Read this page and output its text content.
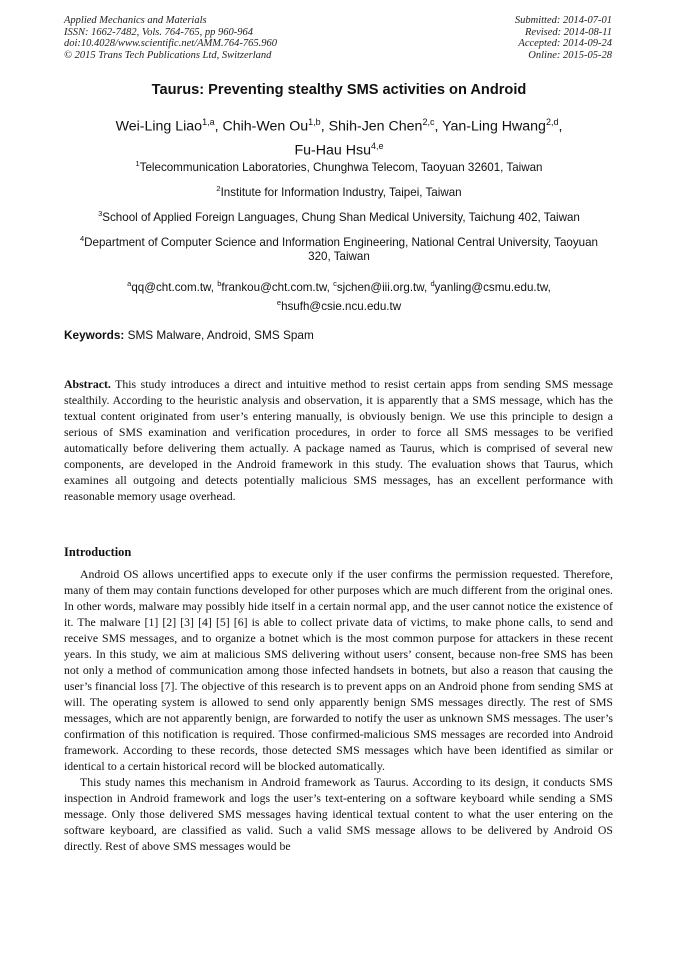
Applied Mechanics and Materials
ISSN: 1662-7482, Vols. 764-765, pp 960-964
doi:10.4028/www.scientific.net/AMM.764-765.960
© 2015 Trans Tech Publications Ltd, Switzerland
Submitted: 2014-07-01
Revised: 2014-08-11
Accepted: 2014-09-24
Online: 2015-05-28
Taurus: Preventing stealthy SMS activities on Android
Wei-Ling Liao$^{1,a}$, Chih-Wen Ou$^{1,b}$, Shih-Jen Chen$^{2,c}$, Yan-Ling Hwang$^{2,d}$,
Fu-Hau Hsu$^{4,e}$
$^1$Telecommunication Laboratories, Chunghwa Telecom, Taoyuan 32601, Taiwan
$^2$Institute for Information Industry, Taipei, Taiwan
$^3$School of Applied Foreign Languages, Chung Shan Medical University, Taichung 402, Taiwan
$^4$Department of Computer Science and Information Engineering, National Central University, Taoyuan 320, Taiwan
$^a$qq@cht.com.tw, $^b$frankou@cht.com.tw, $^c$sjchen@iii.org.tw, $^d$yanling@csmu.edu.tw,
$^e$hsufh@csie.ncu.edu.tw
Keywords: SMS Malware, Android, SMS Spam
Abstract. This study introduces a direct and intuitive method to resist certain apps from sending SMS message stealthily. According to the heuristic analysis and observation, it is apparently that a SMS message, which has the textual content originated from user’s entering manually, is obviously benign. We use this principle to design a serious of SMS examination and verification procedures, in order to force all SMS messages to be verified automatically before delivering them actually. A package named as Taurus, which is comprised of several new components, are developed in the Android framework in this study. The evaluation shows that Taurus, which examines all outgoing and detects potentially malicious SMS messages, has an excellent performance with reasonable memory usage overhead.
Introduction

Android OS allows uncertified apps to execute only if the user confirms the permission requested. Therefore, many of them may contain functions developed for other purposes which are much different from the original ones. In other words, malware may possibly hide itself in a certain normal app, and the user cannot notice the existence of it. The malware [1] [2] [3] [4] [5] [6] is able to collect private data of victims, to make phone calls, to send and receive SMS messages, and to organize a botnet which is the most common purpose for attackers in these recent years. In this study, we aim at malicious SMS delivering without users’ consent, because non-free SMS has been not only a method of communication among those infected handsets in botnets, but also a reason that causing the user’s financial loss [7]. The objective of this research is to prevent apps on an Android phone from sending SMS at will. The operating system is allowed to send only apparently benign SMS messages directly. The rest of SMS messages, which are not apparently benign, are forwarded to notify the user as unknown SMS messages. The user’s confirmation of this notification is required. Those confirmed-malicious SMS messages are recorded into Android framework. According to these records, those detected SMS messages which have been identified as similar or identical to a certain historical record will be blocked automatically.

This study names this mechanism in Android framework as Taurus. According to its design, it conducts SMS inspection in Android framework and logs the user’s text-entering on a software keyboard while sending a SMS message. Only those delivered SMS messages having identical textual content to what the user entering on the software keyboard, are classified as valid. Such a valid SMS message allows to be delivered by Android OS directly. Rest of above SMS messages would be
